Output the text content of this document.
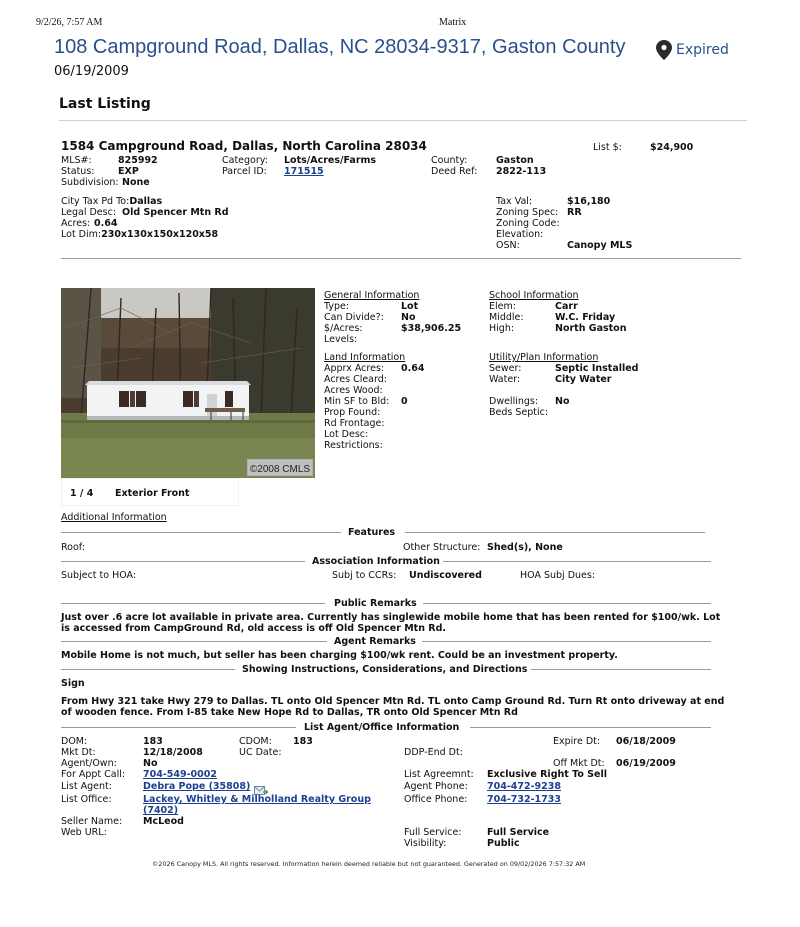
9/2/26, 7:57 AM	Matrix
108 Campground Road, Dallas, NC 28034-9317, Gaston County	Expired
06/19/2009
Last Listing
1584 Campground Road, Dallas, North Carolina 28034	List $:	$24,900
MLS#:	825992
Status: EXP
Subdivision: None
Category: Lots/Acres/Farms
Parcel ID: 171515
County:	Gaston
Deed Ref: 2822-113
City Tax Pd To:Dallas
Legal Desc: Old Spencer Mtn Rd
Acres: 0.64
Lot Dim:230x130x150x120x58
Tax Val:	$16,180
Zoning Spec: RR
Zoning Code:
Elevation:
OSN:	Canopy MLS
©2008 CMLS
1 / 4 Exterior Front
General Information
Type:	Lot
Can Divide?: No
$/Acres:	$38,906.25
Levels:
Land Information
Apprx Acres: 0.64
Acres Cleard:
Acres Wood:
Min SF to Bld: 0
Prop Found:
Rd Frontage:
Lot Desc:
Restrictions:
School Information
Elem:	Carr
Middle:	W.C. Friday
High:	North Gaston
Utility/Plan Information
Sewer:	Septic Installed
Water:	City Water
Dwellings: No
Beds Septic:
Additional Information
Features
Roof:	Other Structure: Shed(s), None
Association Information
Subject to HOA:	Subj to CCRs: Undiscovered	HOA Subj Dues:
Public Remarks
Just over .6 acre lot available in private area. Currently has singlewide mobile home that has been rented for $100/wk. Lot
is accessed from CampGround Rd, old access is off Old Spencer Mtn Rd.
Agent Remarks
Mobile Home is not much, but seller has been charging $100/wk rent. Could be an investment property.
Showing Instructions, Considerations, and Directions
Sign
From Hwy 321 take Hwy 279 to Dallas. TL onto Old Spencer Mtn Rd. TL onto Camp Ground Rd. Turn Rt onto driveway at end
of wooden fence. From I-85 take New Hope Rd to Dallas, TR onto Old Spencer Mtn Rd
List Agent/Office Information
DOM:	183	CDOM: 183	Expire Dt: 06/18/2009
Mkt Dt:	12/18/2008	UC Date:	DDP-End Dt:
Agent/Own:	No	Off Mkt Dt: 06/19/2009
For Appt Call: 704-549-0002	List Agreemnt: Exclusive Right To Sell
List Agent:	Debra Pope (35808)	Agent Phone: 704-472-9238
List Office:	Lackey, Whitley & Milholland Realty Group
(7402)
Office Phone: 704-732-1733
Seller Name: McLeod
Web URL:	Full Service:	Full Service
Visibility:	Public
©2026 Canopy MLS. All rights reserved. Information herein deemed reliable but not guaranteed. Generated on 09/02/2026 7:57:32 AM
